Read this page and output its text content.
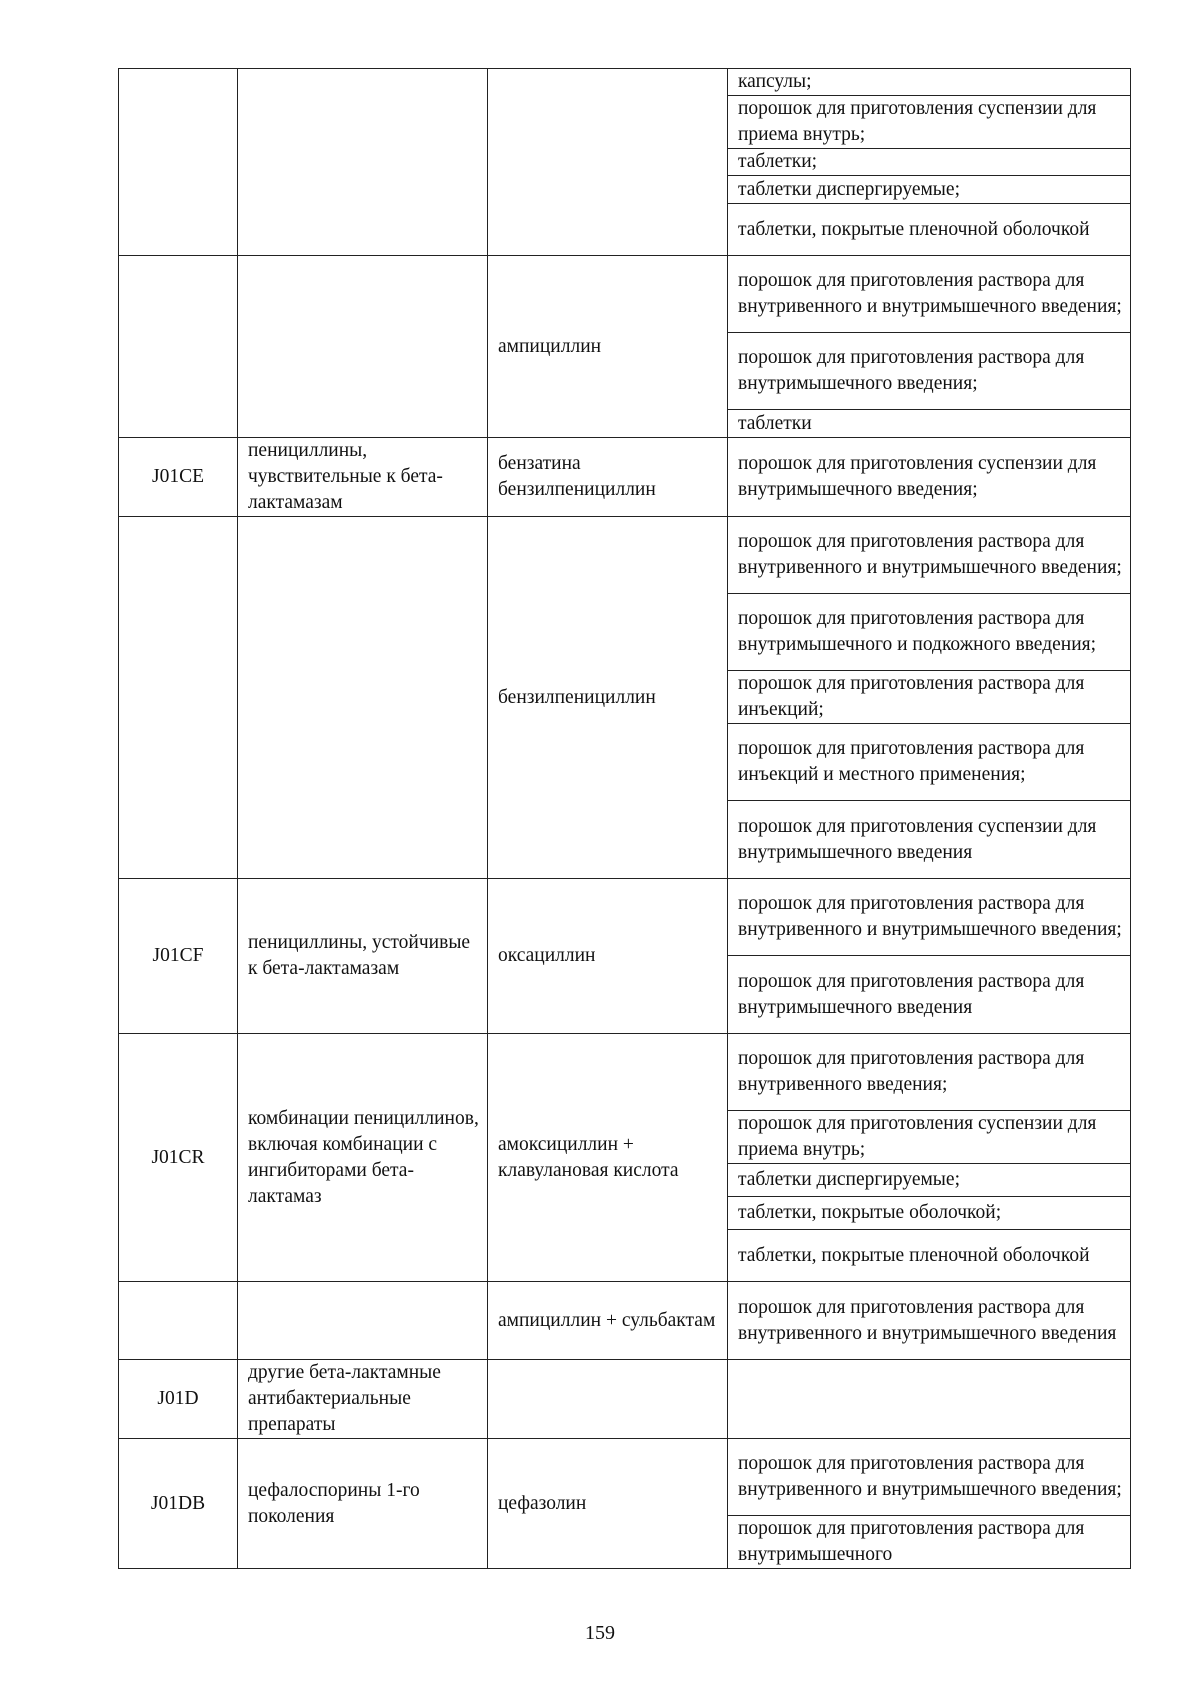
			капсулы;
			порошок для приготовления суспензии для приема внутрь;
			таблетки;
			таблетки диспергируемые;
			таблетки, покрытые пленочной оболочкой
		ампициллин	порошок для приготовления раствора для внутривенного и внутримышечного введения;
			порошок для приготовления раствора для внутримышечного введения;
			таблетки
J01CE	пенициллины, чувствительные к бета-лактамазам	бензатина бензилпенициллин	порошок для приготовления суспензии для внутримышечного введения;
		бензилпенициллин	порошок для приготовления раствора для внутривенного и внутримышечного введения;
			порошок для приготовления раствора для внутримышечного и подкожного введения;
			порошок для приготовления раствора для инъекций;
			порошок для приготовления раствора для инъекций и местного применения;
			порошок для приготовления суспензии для внутримышечного введения
J01CF	пенициллины, устойчивые к бета-лактамазам	оксациллин	порошок для приготовления раствора для внутривенного и внутримышечного введения;
			порошок для приготовления раствора для внутримышечного введения
J01CR	комбинации пенициллинов, включая комбинации с ингибиторами бета-лактамаз	амоксициллин + клавулановая кислота	порошок для приготовления раствора для внутривенного введения;
			порошок для приготовления суспензии для приема внутрь;
			таблетки диспергируемые;
			таблетки, покрытые оболочкой;
			таблетки, покрытые пленочной оболочкой
		ампициллин + сульбактам	порошок для приготовления раствора для внутривенного и внутримышечного введения
J01D	другие бета-лактамные антибактериальные препараты		
J01DB	цефалоспорины 1-го поколения	цефазолин	порошок для приготовления раствора для внутривенного и внутримышечного введения;
			порошок для приготовления раствора для внутримышечного
159
